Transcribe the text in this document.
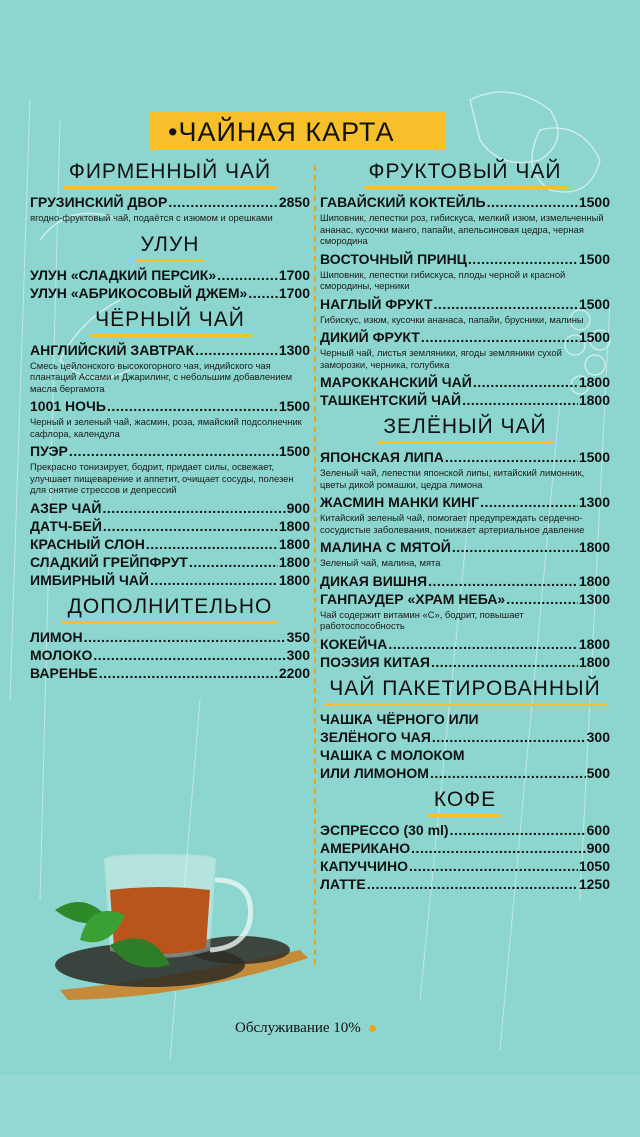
•ЧАЙНАЯ КАРТА
ФИРМЕННЫЙ ЧАЙ
ГРУЗИНСКИЙ ДВОР .....	2850
ягодно-фруктовый чай, подаётся с изюмом и орешками
УЛУН
УЛУН «СЛАДКИЙ ПЕРСИК» .....	1700
УЛУН «АБРИКОСОВЫЙ ДЖЕМ» ..... 1700
ЧЁРНЫЙ ЧАЙ
АНГЛИЙСКИЙ ЗАВТРАК .....	1300
Смесь цейлонского высокогорного чая, индийского чая плантаций Ассами и Джарилинг, с небольшим добавлением масла бергамота
1001 НОЧЬ .....	1500
Черный и зеленый чай, жасмин, роза, ямайский подсолнечник сафлора, календула
ПУЭР .....	1500
Прекрасно тонизирует, бодрит, придает силы, освежает, улучшает пищеварение и аппетит, очищает сосуды, полезен для снятие стрессов и депрессий
АЗЕР ЧАЙ .....	900
ДАТЧ-БЕЙ .....	1800
КРАСНЫЙ СЛОН .....	1800
СЛАДКИЙ ГРЕЙПФРУТ .....	1800
ИМБИРНЫЙ ЧАЙ .....	1800
ДОПОЛНИТЕЛЬНО
ЛИМОН .....	350
МОЛОКО .....	300
ВАРЕНЬЕ .....	2200
ФРУКТОВЫЙ ЧАЙ
ГАВАЙСКИЙ КОКТЕЙЛЬ .....	1500
Шиповник, лепестки роз, гибискуса, мелкий изюм, измельченный ананас, кусочки манго, папайи, апельсиновая цедра, черная смородина
ВОСТОЧНЫЙ ПРИНЦ .....	1500
Шиповник, лепестки гибискуса, плоды черной и красной смородины, черники
НАГЛЫЙ ФРУКТ .....	1500
Гибискус, изюм, кусочки ананаса, папайи, брусники, малины
ДИКИЙ ФРУКТ .....	1500
Черный чай, листья земляники, ягоды земляники сухой заморозки, черника, голубика
МАРОККАНСКИЙ ЧАЙ .....	1800
ТАШКЕНТСКИЙ ЧАЙ .....	1800
ЗЕЛЁНЫЙ ЧАЙ
ЯПОНСКАЯ ЛИПА .....	1500
Зеленый чай, лепестки японской липы, китайский лимонник, цветы дикой ромашки, цедра лимона
ЖАСМИН МАНКИ КИНГ .....	1300
Китайский зеленый чай, помогает предупреждать сердечно-сосудистые заболевания, понижает артериальное давление
МАЛИНА С МЯТОЙ .....	1800
Зеленый чай, малина, мята
ДИКАЯ ВИШНЯ .....	1800
ГАНПАУДЕР «ХРАМ НЕБА» .....	1300
Чай содержит витамин «С», бодрит, повышает работоспособность
КОКЕЙЧА .....	1800
ПОЭЗИЯ КИТАЯ .....	1800
ЧАЙ ПАКЕТИРОВАННЫЙ
ЧАШКА ЧЁРНОГО ИЛИ
ЗЕЛЁНОГО ЧАЯ .....	300
ЧАШКА С МОЛОКОМ
ИЛИ ЛИМОНОМ .....	500
КОФЕ
ЭСПРЕССО (30 ml) .....	600
АМЕРИКАНО .....	900
КАПУЧЧИНО .....	1050
ЛАТТЕ .....	1250
Обслуживание 10%
